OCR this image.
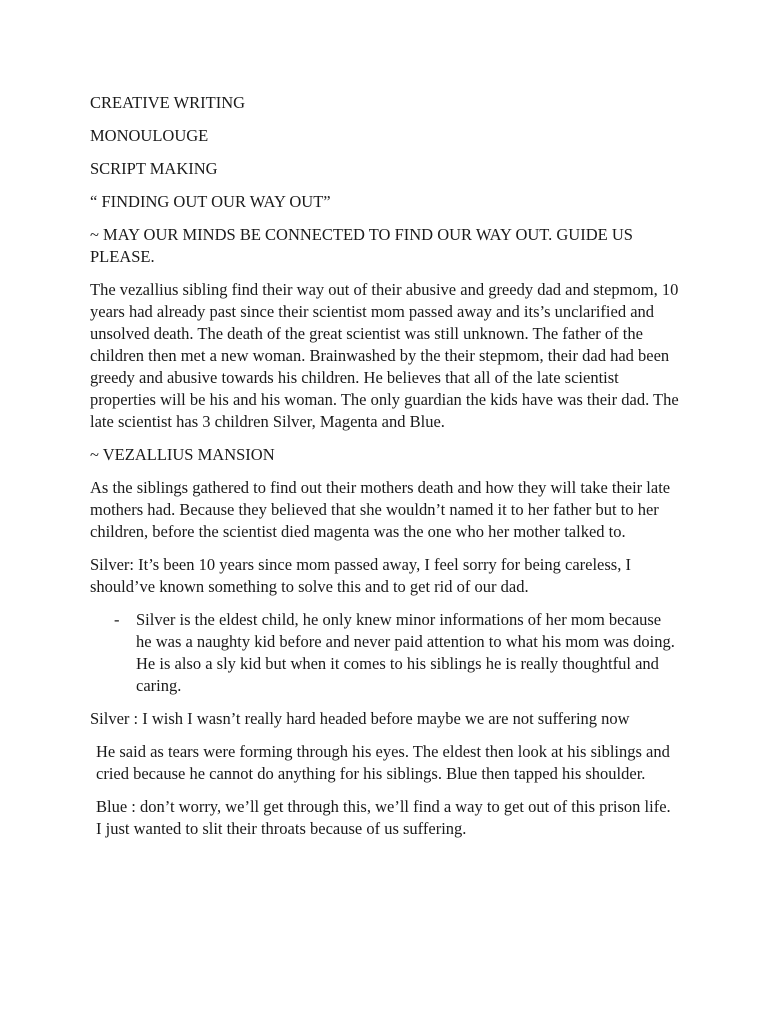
CREATIVE WRITING
MONOULOUGE
SCRIPT MAKING
“ FINDING OUT OUR WAY OUT”

~ MAY OUR MINDS BE CONNECTED TO FIND OUR WAY OUT. GUIDE US PLEASE.

The vezallius sibling find their way out of their abusive and greedy dad and stepmom, 10 years had already past since their scientist mom passed away and its’s unclarified and unsolved death. The death of the great scientist was still unknown. The father of the children then met a new woman. Brainwashed by the their stepmom, their dad had been greedy and abusive towards his children. He believes that all of the late scientist properties will be his and his woman. The only guardian the kids have was their dad. The late scientist has 3 children Silver, Magenta and Blue.

~ VEZALLIUS MANSION

As the siblings gathered to find out their mothers death and how they will take their late mothers had. Because they believed that she wouldn’t named it to her father but to her children, before the scientist died magenta was the one who her mother talked to.

Silver: It’s been 10 years since mom passed away, I feel sorry for being careless, I should’ve known something to solve this and to get rid of our dad.

-	Silver is the eldest child, he only knew minor informations of her mom because he was a naughty kid before and never paid attention to what his mom was doing. He is also a sly kid but when it comes to his siblings he is really thoughtful and caring.

Silver : I wish I wasn’t really hard headed before maybe we are not suffering now

He said as tears were forming through his eyes. The eldest then look at his siblings and cried because he cannot do anything for his siblings. Blue then tapped his shoulder.

Blue : don’t worry, we’ll get through this, we’ll find a way to get out of this prison life. I just wanted to slit their throats because of us suffering.
